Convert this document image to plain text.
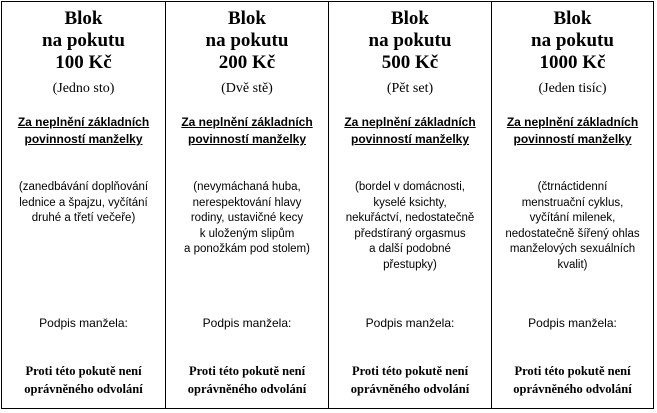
Blok
na pokutu
100 Kč
(Jedno sto)
Za neplnění základních
povinností manželky
(zanedbávání doplňování
lednice a špajzu, vyčítání
druhé a třetí večeře)
Podpis manžela:
Proti této pokutě není
oprávněného odvolání
Blok
na pokutu
200 Kč
(Dvě stě)
Za neplnění základních
povinností manželky
(nevymáchaná huba,
nerespektování hlavy
rodiny, ustavičné kecy
k uloženým slipům
a ponožkám pod stolem)
Podpis manžela:
Proti této pokutě není
oprávněného odvolání
Blok
na pokutu
500 Kč
(Pět set)
Za neplnění základních
povinností manželky
(bordel v domácnosti,
kyselé ksichty,
nekuřáctví, nedostatečně
předstíraný orgasmus
a další podobné
přestupky)
Podpis manžela:
Proti této pokutě není
oprávněného odvolání
Blok
na pokutu
1000 Kč
(Jeden tisíc)
Za neplnění základních
povinností manželky
(čtrnáctidenní
menstruační cyklus,
vyčítání milenek,
nedostatečně šířený ohlas
manželových sexuálních
kvalit)
Podpis manžela:
Proti této pokutě není
oprávněného odvolání
